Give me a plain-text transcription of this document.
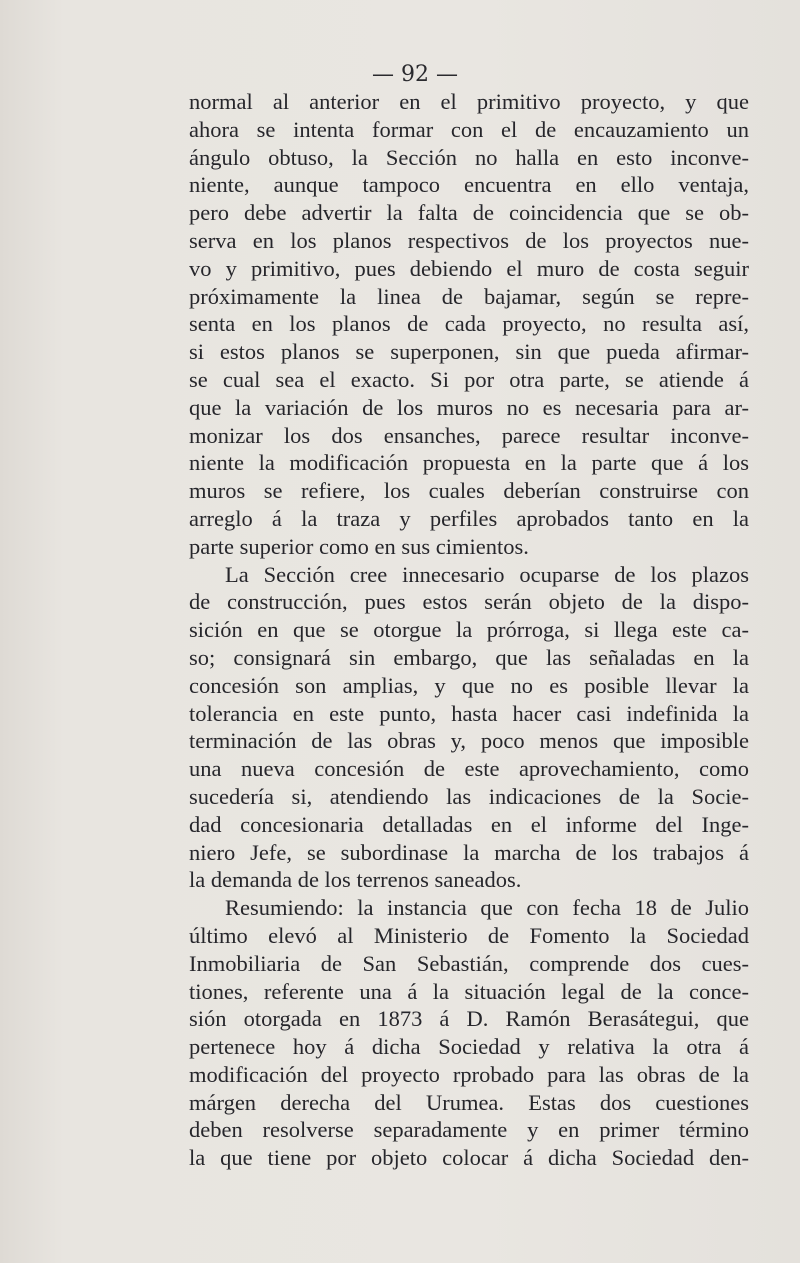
— 92 —
normal al anterior en el primitivo proyecto, y que
ahora se intenta formar con el de encauzamiento un
ángulo obtuso, la Sección no halla en esto inconve-
niente, aunque tampoco encuentra en ello ventaja,
pero debe advertir la falta de coincidencia que se ob-
serva en los planos respectivos de los proyectos nue-
vo y primitivo, pues debiendo el muro de costa seguir
próximamente la linea de bajamar, según se repre-
senta en los planos de cada proyecto, no resulta así,
si estos planos se superponen, sin que pueda afirmar-
se cual sea el exacto. Si por otra parte, se atiende á
que la variación de los muros no es necesaria para ar-
monizar los dos ensanches, parece resultar inconve-
niente la modificación propuesta en la parte que á los
muros se refiere, los cuales deberían construirse con
arreglo á la traza y perfiles aprobados tanto en la
parte superior como en sus cimientos.
La Sección cree innecesario ocuparse de los plazos
de construcción, pues estos serán objeto de la dispo-
sición en que se otorgue la prórroga, si llega este ca-
so; consignará sin embargo, que las señaladas en la
concesión son amplias, y que no es posible llevar la
tolerancia en este punto, hasta hacer casi indefinida la
terminación de las obras y, poco menos que imposible
una nueva concesión de este aprovechamiento, como
sucedería si, atendiendo las indicaciones de la Socie-
dad concesionaria detalladas en el informe del Inge-
niero Jefe, se subordinase la marcha de los trabajos á
la demanda de los terrenos saneados.
Resumiendo: la instancia que con fecha 18 de Julio
último elevó al Ministerio de Fomento la Sociedad
Inmobiliaria de San Sebastián, comprende dos cues-
tiones, referente una á la situación legal de la conce-
sión otorgada en 1873 á D. Ramón Berasátegui, que
pertenece hoy á dicha Sociedad y relativa la otra á
modificación del proyecto rprobado para las obras de la
márgen derecha del Urumea. Estas dos cuestiones
deben resolverse separadamente y en primer término
la que tiene por objeto colocar á dicha Sociedad den-
